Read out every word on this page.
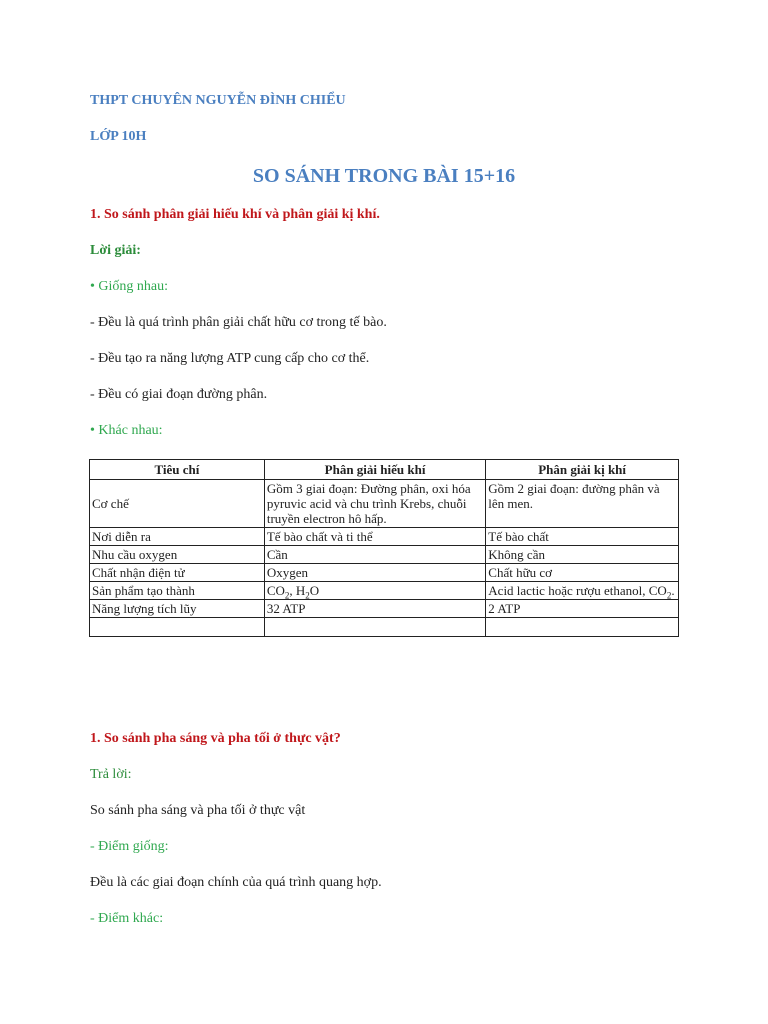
THPT CHUYÊN NGUYỄN ĐÌNH CHIỂU
LỚP 10H
SO SÁNH TRONG BÀI 15+16
1. So sánh phân giải hiếu khí và phân giải kị khí.
Lời giải:
• Giống nhau:
- Đều là quá trình phân giải chất hữu cơ trong tế bào.
- Đều tạo ra năng lượng ATP cung cấp cho cơ thể.
- Đều có giai đoạn đường phân.
• Khác nhau:
Tiêu chí	Phân giải hiếu khí	Phân giải kị khí
Cơ chế	Gồm 3 giai đoạn: Đường phân, oxi hóa pyruvic acid và chu trình Krebs, chuỗi truyền electron hô hấp.	Gồm 2 giai đoạn: đường phân và lên men.
Nơi diễn ra	Tế bào chất và ti thể	Tế bào chất
Nhu cầu oxygen	Cần	Không cần
Chất nhận điện tử	Oxygen	Chất hữu cơ
Sản phẩm tạo thành	$CO_2$, $H_2O$	Acid lactic hoặc rượu ethanol, $CO_2$.
Năng lượng tích lũy	32 ATP	2 ATP

1. So sánh pha sáng và pha tối ở thực vật?
Trả lời:
So sánh pha sáng và pha tối ở thực vật
- Điểm giống:
Đều là các giai đoạn chính của quá trình quang hợp.
- Điểm khác:
